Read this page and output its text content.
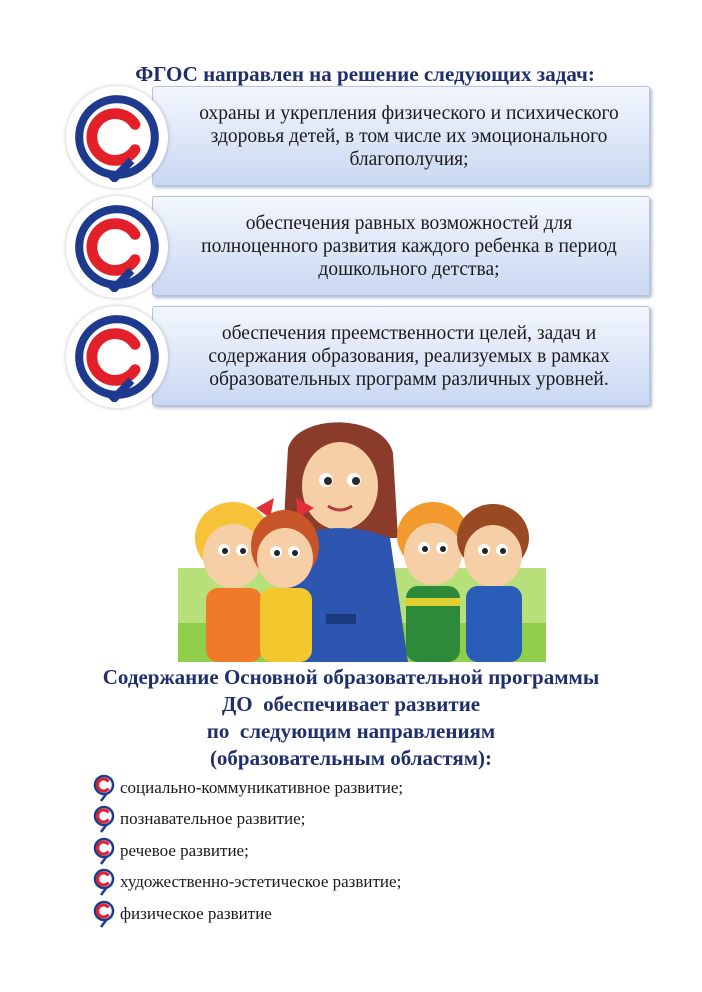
ФГОС направлен на решение следующих задач:
охраны и укрепления физического и психического
здоровья детей, в том числе их эмоционального
благополучия;
обеспечения равных возможностей для
полноценного развития каждого ребенка в период
дошкольного детства;
обеспечения преемственности целей, задач и
содержания образования, реализуемых в рамках
образовательных программ различных уровней.
Содержание Основной образовательной программы
ДО  обеспечивает развитие
по  следующим направлениям
(образовательным областям):
социально-коммуникативное развитие;
познавательное развитие;
речевое развитие;
художественно-эстетическое развитие;
физическое развитие
